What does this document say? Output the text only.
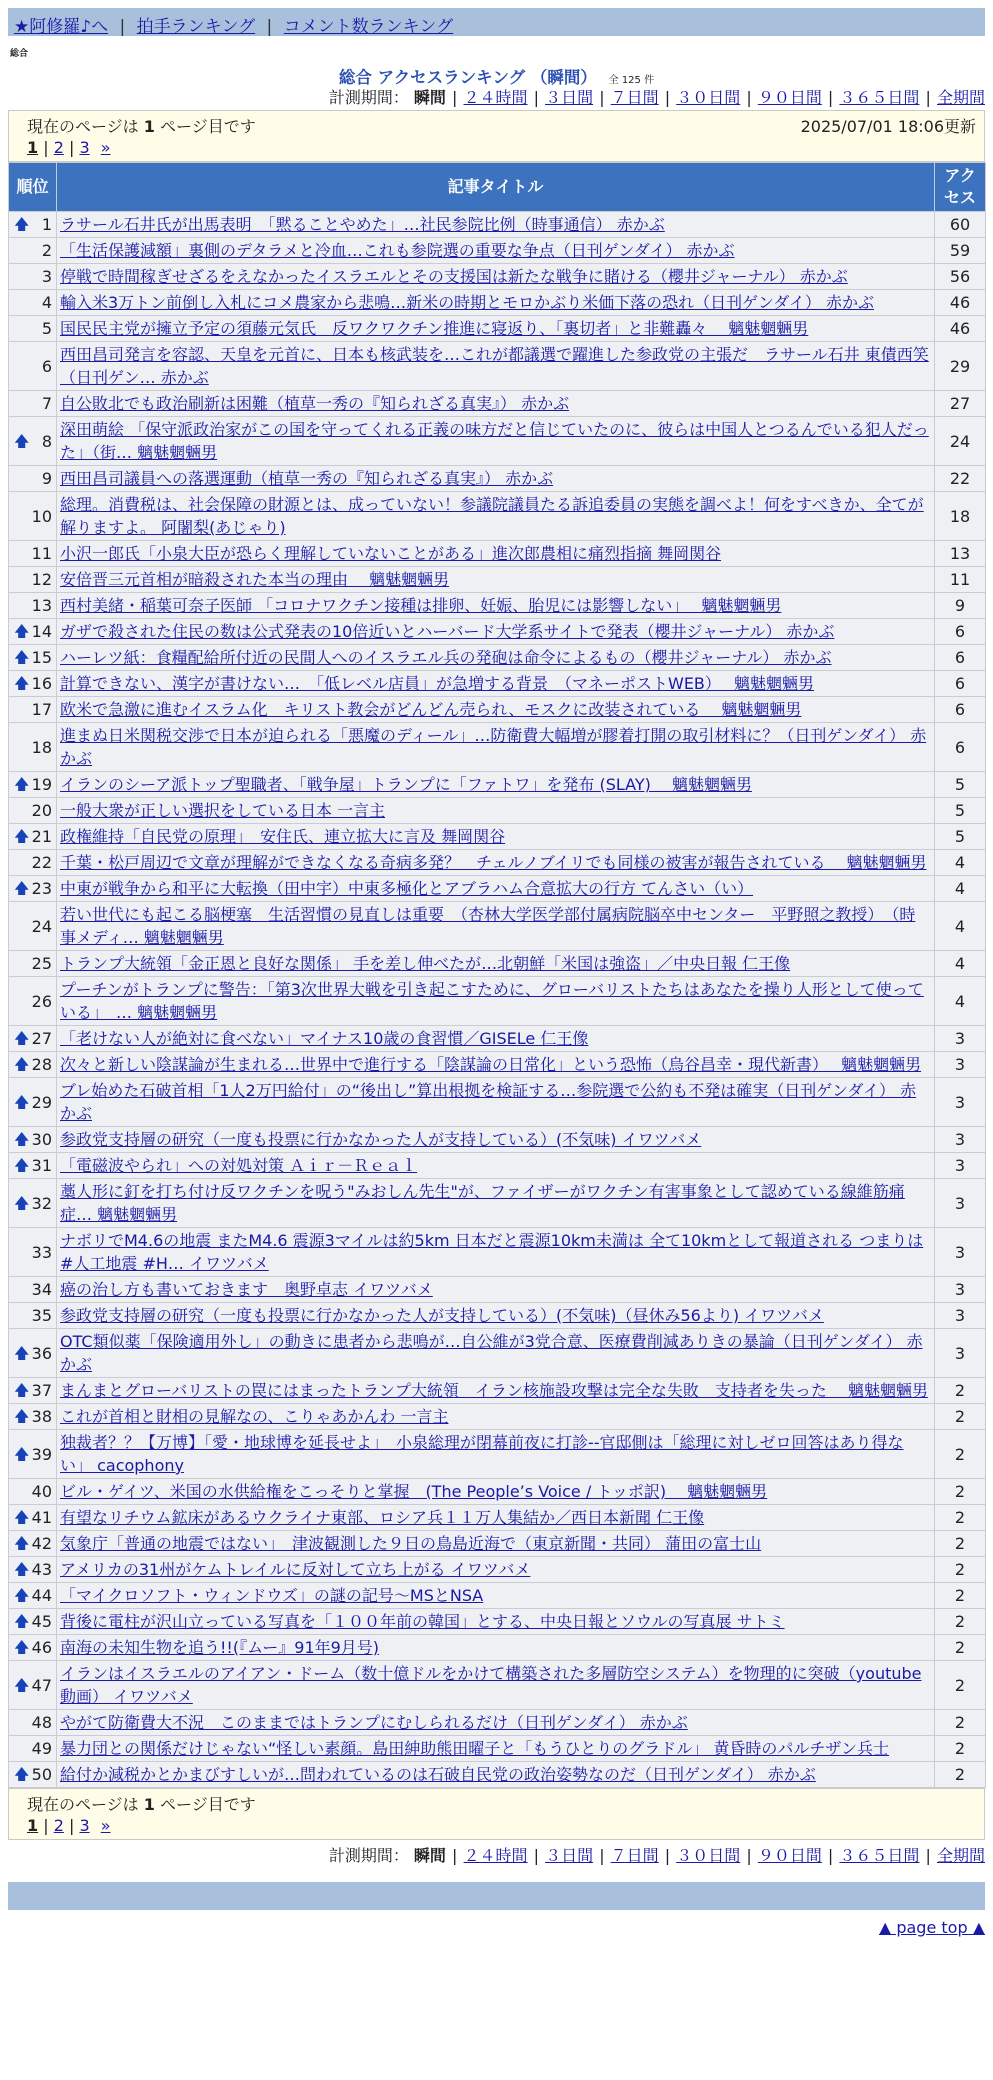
★阿修羅♪へ | 拍手ランキング | コメント数ランキング
総合
総合 アクセスランキング （瞬間） 全 125 件
計測期間： 瞬間 | ２４時間 | ３日間 | ７日間 | ３０日間 | ９０日間 | ３６５日間 | 全期間
現在のページは 1 ページ目です	2025/07/01 18:06更新
1 | 2 | 3 »
順位	記事タイトル	アクセス

🡅 1	ラサール石井氏が出馬表明　「黙ることやめた」…社民参院比例（時事通信） 赤かぶ	60
2	「生活保護減額」裏側のデタラメと冷血…これも参院選の重要な争点（日刊ゲンダイ） 赤かぶ	59
3	停戦で時間稼ぎせざるをえなかったイスラエルとその支援国は新たな戦争に賭ける（櫻井ジャーナル） 赤かぶ	56
4	輸入米3万トン前倒し入札にコメ農家から悲鳴…新米の時期とモロかぶり米価下落の恐れ（日刊ゲンダイ） 赤かぶ	46
5	国民民主党が擁立予定の須藤元気氏　反ワクワクチン推進に寝返り、「裏切者」と非難轟々　 魑魅魍魎男	46
6	西田昌司発言を容認、天皇を元首に、日本も核武装を…これが都議選で躍進した参政党の主張だ　ラサール石井 東債西笑（日刊ゲン… 赤かぶ	29
7	自公敗北でも政治刷新は困難（植草一秀の『知られざる真実』） 赤かぶ	27

🡅 8	深田萌絵 「保守派政治家がこの国を守ってくれる正義の味方だと信じていたのに、彼らは中国人とつるんでいる犯人だった」（街… 魑魅魍魎男	24
9	西田昌司議員への落選運動（植草一秀の『知られざる真実』） 赤かぶ	22
10	総理。消費税は、社会保障の財源とは、成っていない！参議院議員たる訴追委員の実態を調べよ！何をすべきか、全てが解りますよ。 阿闍梨(あじゃり)	18
11	小沢一郎氏「小泉大臣が恐らく理解していないことがある」進次郎農相に痛烈指摘 舞岡関谷	13
12	安倍晋三元首相が暗殺された本当の理由　 魑魅魍魎男	11
13	西村美緒・稲葉可奈子医師 「コロナワクチン接種は排卵、妊娠、胎児には影響しない」　 魑魅魍魎男	9

🡅 14	ガザで殺された住民の数は公式発表の10倍近いとハーバード大学系サイトで発表（櫻井ジャーナル） 赤かぶ	6

🡅 15	ハーレツ紙：食糧配給所付近の民間人へのイスラエル兵の発砲は命令によるもの（櫻井ジャーナル） 赤かぶ	6

🡅 16	計算できない、漢字が書けない…　「低レベル店員」が急増する背景　（マネーポストWEB）　 魑魅魍魎男	6
17	欧米で急激に進むイスラム化　キリスト教会がどんどん売られ、モスクに改装されている　 魑魅魍魎男	6
18	進まぬ日米関税交渉で日本が迫られる「悪魔のディール」…防衛費大幅増が膠着打開の取引材料に？（日刊ゲンダイ） 赤かぶ	6

🡅 19	イランのシーア派トップ聖職者、「戦争屋」トランプに「ファトワ」を発布 (SLAY)　 魑魅魍魎男	5
20	一般大衆が正しい選択をしている日本 一言主	5

🡅 21	政権維持「自民党の原理」　安住氏、連立拡大に言及 舞岡関谷	5
22	千葉・松戸周辺で文章が理解ができなくなる奇病多発？　チェルノブイリでも同様の被害が報告されている　 魑魅魍魎男	4

🡅 23	中東が戦争から和平に大転換（田中宇）中東多極化とアブラハム合意拡大の行方 てんさい（い）	4
24	若い世代にも起こる脳梗塞　生活習慣の見直しは重要　（杏林大学医学部付属病院脳卒中センター　平野照之教授）　（時事メディ… 魑魅魍魎男	4
25	トランプ大統領「金正恩と良好な関係」 手を差し伸べたが…北朝鮮「米国は強盗」／中央日報 仁王像	4
26	プーチンがトランプに警告：「第3次世界大戦を引き起こすために、グローバリストたちはあなたを操り人形として使っている」　… 魑魅魍魎男	4

🡅 27	「老けない人が絶対に食べない」マイナス10歳の食習慣／GISELe 仁王像	3

🡅 28	次々と新しい陰謀論が生まれる…世界中で進行する「陰謀論の日常化」という恐怖（烏谷昌幸・現代新書）　 魑魅魍魎男	3

🡅 29	ブレ始めた石破首相「1人2万円給付」の“後出し”算出根拠を検証する…参院選で公約も不発は確実（日刊ゲンダイ） 赤かぶ	3

🡅 30	参政党支持層の研究（一度も投票に行かなかった人が支持している）(不気味) イワツバメ	3

🡅 31	「電磁波やられ」への対処対策 Ａｉｒ－Ｒｅａｌ	3

🡅 32	藁人形に釘を打ち付け反ワクチンを呪う"みおしん先生"が、ファイザーがワクチン有害事象として認めている線維筋痛症… 魑魅魍魎男	3
33	ナボリでM4.6の地震 またM4.6 震源3マイルは約5km 日本だと震源10km未満は 全て10kmとして報道される つまりは #人工地震 #H… イワツバメ	3
34	癌の治し方も書いておきます　奥野卓志 イワツバメ	3
35	参政党支持層の研究（一度も投票に行かなかった人が支持している）(不気味)（昼休み56より) イワツバメ	3

🡅 36	OTC類似薬「保険適用外し」の動きに患者から悲鳴が…自公維が3党合意、医療費削減ありきの暴論（日刊ゲンダイ） 赤かぶ	3

🡅 37	まんまとグローバリストの罠にはまったトランプ大統領　イラン核施設攻撃は完全な失敗　支持者を失った　 魑魅魍魎男	2

🡅 38	これが首相と財相の見解なの、こりゃあかんわ 一言主	2

🡅 39	独裁者？？【万博】「愛・地球博を延長せよ」　小泉総理が閉幕前夜に打診--官邸側は「総理に対しゼロ回答はあり得ない」 cacophony	2
40	ビル・ゲイツ、米国の水供給権をこっそりと掌握　(The People’s Voice / トッポ訳)　 魑魅魍魎男	2

🡅 41	有望なリチウム鉱床があるウクライナ東部、ロシア兵１１万人集結か／西日本新聞 仁王像	2

🡅 42	気象庁「普通の地震ではない」　津波観測した９日の鳥島近海で（東京新聞・共同） 蒲田の富士山	2

🡅 43	アメリカの31州がケムトレイルに反対して立ち上がる イワツバメ	2

🡅 44	「マイクロソフト・ウィンドウズ」の謎の記号〜MSとNSA	2

🡅 45	背後に電柱が沢山立っている写真を「１００年前の韓国」とする、中央日報とソウルの写真展 サトミ	2

🡅 46	南海の未知生物を追う!!(『ムー』91年9月号)	2

🡅 47	イランはイスラエルのアイアン・ドーム（数十億ドルをかけて構築された多層防空システム）を物理的に突破（youtube動画） イワツバメ	2
48	やがて防衛費大不況　このままではトランプにむしられるだけ（日刊ゲンダイ） 赤かぶ	2
49	暴力団との関係だけじゃない“怪しい素顔。島田紳助熊田曜子と「もうひとりのグラドル」 黄昏時のパルチザン兵士	2

🡅 50	給付か減税かとかまびすしいが…問われているのは石破自民党の政治姿勢なのだ（日刊ゲンダイ） 赤かぶ	2
現在のページは 1 ページ目です
1 | 2 | 3 »
計測期間： 瞬間 | ２４時間 | ３日間 | ７日間 | ３０日間 | ９０日間 | ３６５日間 | 全期間
▲ page top ▲
